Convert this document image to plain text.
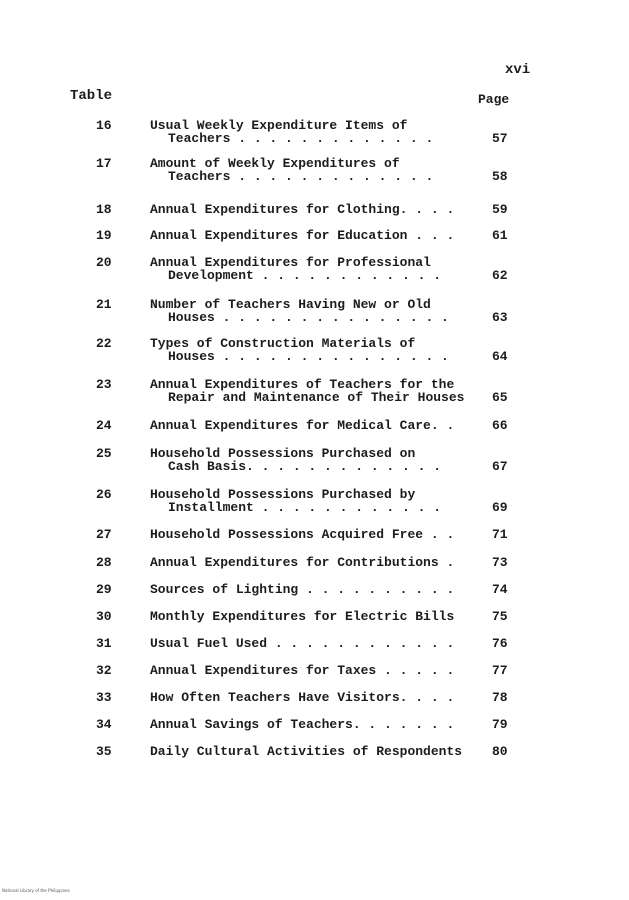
xvi
Table	Page
16	Usual Weekly Expenditure Items of
Teachers . . . . . . . . . . . . .	57
17	Amount of Weekly Expenditures of
Teachers . . . . . . . . . . . . .	58
18	Annual Expenditures for Clothing. . . .	59
19	Annual Expenditures for Education . . .	61
20	Annual Expenditures for Professional
Development . . . . . . . . . . . .	62
21	Number of Teachers Having New or Old
Houses . . . . . . . . . . . . . . .	63
22	Types of Construction Materials of
Houses . . . . . . . . . . . . . . .	64
23	Annual Expenditures of Teachers for the
Repair and Maintenance of Their Houses	65
24	Annual Expenditures for Medical Care. .	66
25	Household Possessions Purchased on
Cash Basis. . . . . . . . . . . . .	67
26	Household Possessions Purchased by
Installment . . . . . . . . . . . .	69
27	Household Possessions Acquired Free . .	71
28	Annual Expenditures for Contributions .	73
29	Sources of Lighting . . . . . . . . . .	74
30	Monthly Expenditures for Electric Bills	75
31	Usual Fuel Used . . . . . . . . . . . .	76
32	Annual Expenditures for Taxes . . . . .	77
33	How Often Teachers Have Visitors. . . .	78
34	Annual Savings of Teachers. . . . . . .	79
35	Daily Cultural Activities of Respondents	80
National Library of the Philippines
